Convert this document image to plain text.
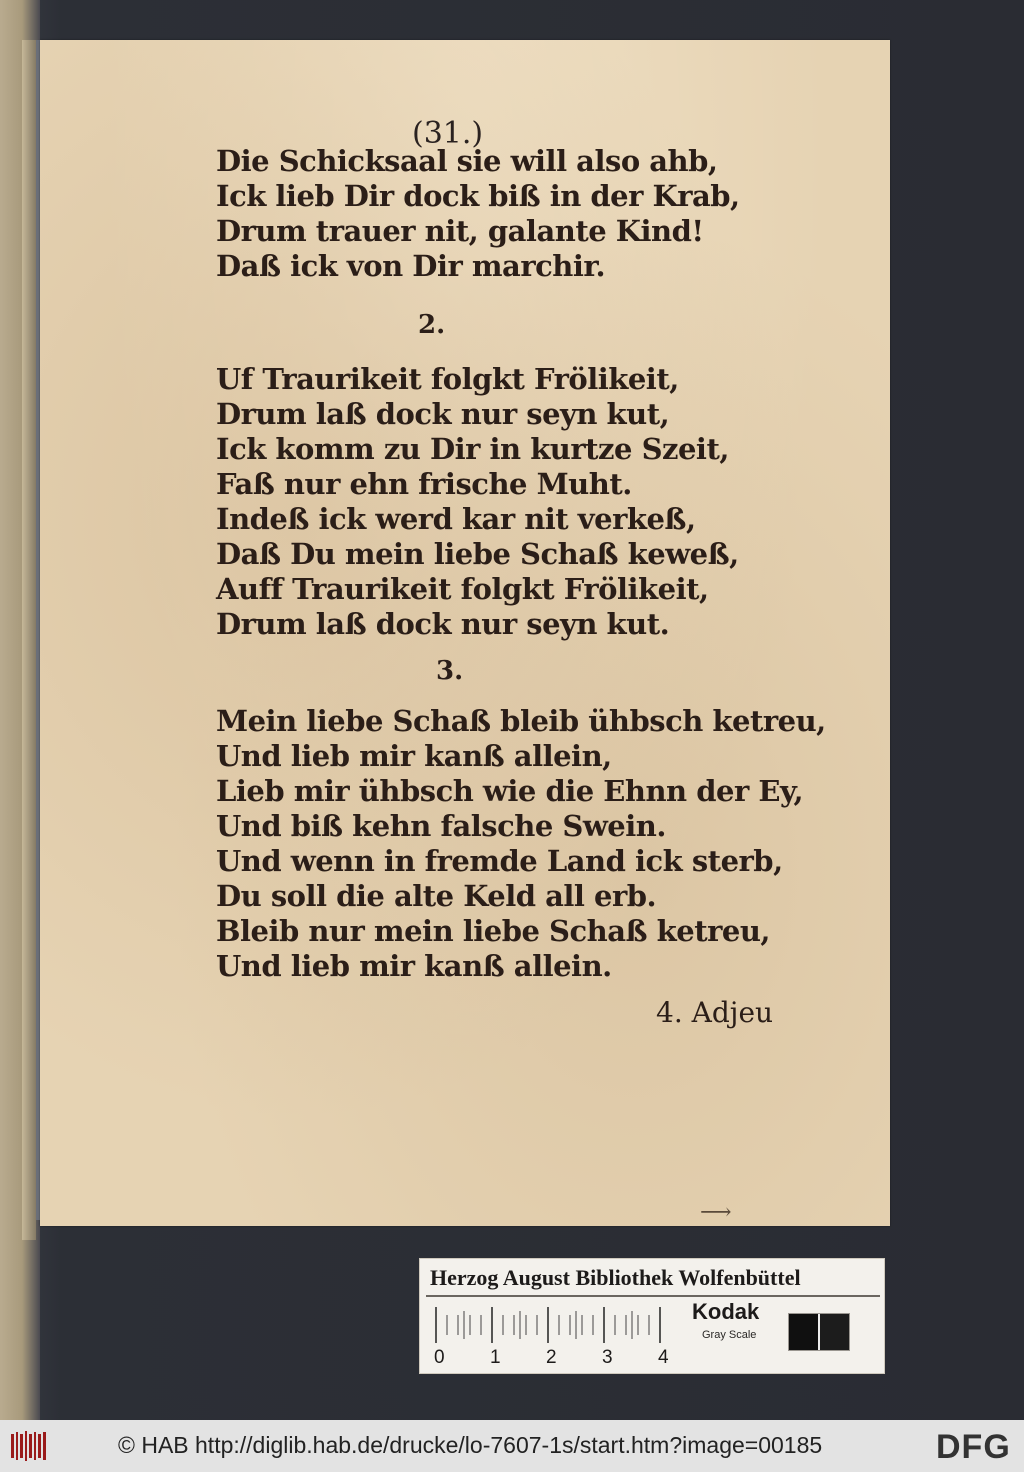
(31.)
Die Schicksaal sie will also ahb,
Ick lieb Dir dock biß in der Krab,
Drum trauer nit, galante Kind!
Daß ick von Dir marchir.
2.
Uf Traurikeit folgkt Frölikeit,
Drum laß dock nur seyn kut,
Ick komm zu Dir in kurtze Szeit,
Faß nur ehn frische Muht.
Indeß ick werd kar nit verkeß,
Daß Du mein liebe Schaß keweß,
Auff Traurikeit folgkt Frölikeit,
Drum laß dock nur seyn kut.
3.
Mein liebe Schaß bleib ühbsch ketreu,
Und lieb mir kanß allein,
Lieb mir ühbsch wie die Ehnn der Ey,
Und biß kehn falsche Swein.
Und wenn in fremde Land ick sterb,
Du soll die alte Keld all erb.
Bleib nur mein liebe Schaß ketreu,
Und lieb mir kanß allein.
4. Adjeu
⟶
Herzog August Bibliothek Wolfenbüttel
0 1 2 3 4
Kodak
Gray Scale
© HAB http://diglib.hab.de/drucke/lo-7607-1s/start.htm?image=00185	DFG
